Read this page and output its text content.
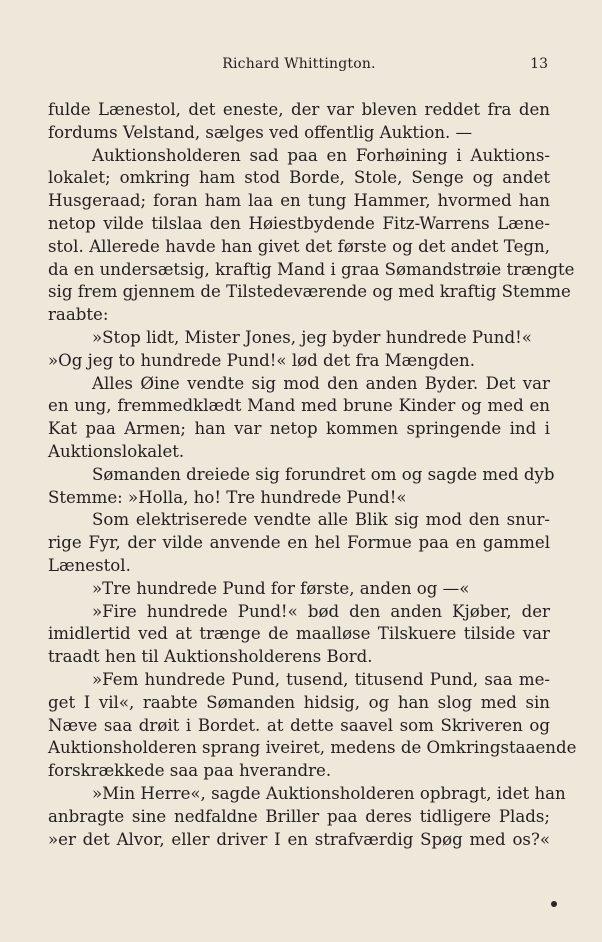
Richard Whittington.	13
fulde Lænestol, det eneste, der var bleven reddet fra den
fordums Velstand, sælges ved offentlig Auktion. —
Auktionsholderen sad paa en Forhøining i Auktions-
lokalet; omkring ham stod Borde, Stole, Senge og andet
Husgeraad; foran ham laa en tung Hammer, hvormed han
netop vilde tilslaa den Høiestbydende Fitz-Warrens Læne-
stol. Allerede havde han givet det første og det andet Tegn,
da en undersætsig, kraftig Mand i graa Sømandstrøie trængte
sig frem gjennem de Tilstedeværende og med kraftig Stemme
raabte:
»Stop lidt, Mister Jones, jeg byder hundrede Pund!«
»Og jeg to hundrede Pund!« lød det fra Mængden.
Alles Øine vendte sig mod den anden Byder. Det var
en ung, fremmedklædt Mand med brune Kinder og med en
Kat paa Armen; han var netop kommen springende ind i
Auktionslokalet.
Sømanden dreiede sig forundret om og sagde med dyb
Stemme: »Holla, ho! Tre hundrede Pund!«
Som elektriserede vendte alle Blik sig mod den snur-
rige Fyr, der vilde anvende en hel Formue paa en gammel
Lænestol.
»Tre hundrede Pund for første, anden og —«
»Fire hundrede Pund!« bød den anden Kjøber, der
imidlertid ved at trænge de maalløse Tilskuere tilside var
traadt hen til Auktionsholderens Bord.
»Fem hundrede Pund, tusend, titusend Pund, saa me-
get I vil«, raabte Sømanden hidsig, og han slog med sin
Næve saa drøit i Bordet. at dette saavel som Skriveren og
Auktionsholderen sprang iveiret, medens de Omkringstaaende
forskrækkede saa paa hverandre.
»Min Herre«, sagde Auktionsholderen opbragt, idet han
anbragte sine nedfaldne Briller paa deres tidligere Plads;
»er det Alvor, eller driver I en strafværdig Spøg med os?«
